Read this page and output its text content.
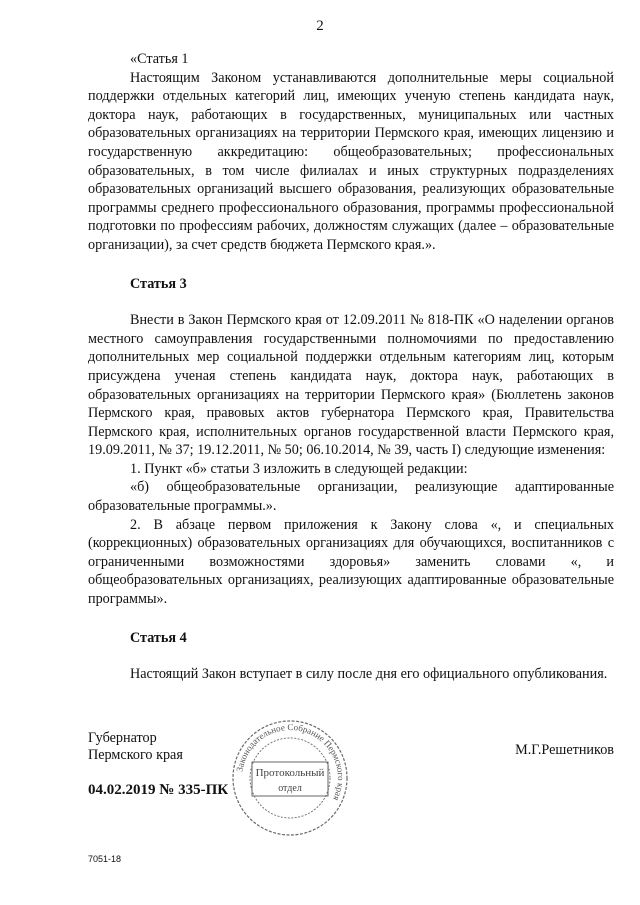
2

«Статья 1

Настоящим Законом устанавливаются дополнительные меры социальной поддержки отдельных категорий лиц, имеющих ученую степень кандидата наук, доктора наук, работающих в государственных, муниципальных или частных образовательных организациях на территории Пермского края, имеющих лицензию и государственную аккредитацию: общеобразовательных; профессиональных образовательных, в том числе филиалах и иных структурных подразделениях образовательных организаций высшего образования, реализующих образовательные программы среднего профессионального образования, программы профессиональной подготовки по профессиям рабочих, должностям служащих (далее – образовательные организации), за счет средств бюджета Пермского края.».

Статья 3

Внести в Закон Пермского края от 12.09.2011 № 818-ПК «О наделении органов местного самоуправления государственными полномочиями по предоставлению дополнительных мер социальной поддержки отдельным категориям лиц, которым присуждена ученая степень кандидата наук, доктора наук, работающих в образовательных организациях на территории Пермского края» (Бюллетень законов Пермского края, правовых актов губернатора Пермского края, Правительства Пермского края, исполнительных органов государственной власти Пермского края, 19.09.2011, № 37; 19.12.2011, № 50; 06.10.2014, № 39, часть I) следующие изменения:

1. Пункт «б» статьи 3 изложить в следующей редакции:

«б) общеобразовательные организации, реализующие адаптированные образовательные программы.».

2. В абзаце первом приложения к Закону слова «, и специальных (коррекционных) образовательных организациях для обучающихся, воспитанников с ограниченными возможностями здоровья» заменить словами «, и общеобразовательных организациях, реализующих адаптированные образовательные программы».

Статья 4

Настоящий Закон вступает в силу после дня его официального опубликования.

Губернатор
Пермского края	М.Г.Решетников
04.02.2019 № 335-ПК
Законодательное Собрание Пермского края
Протокольный
отдел
7051-18
